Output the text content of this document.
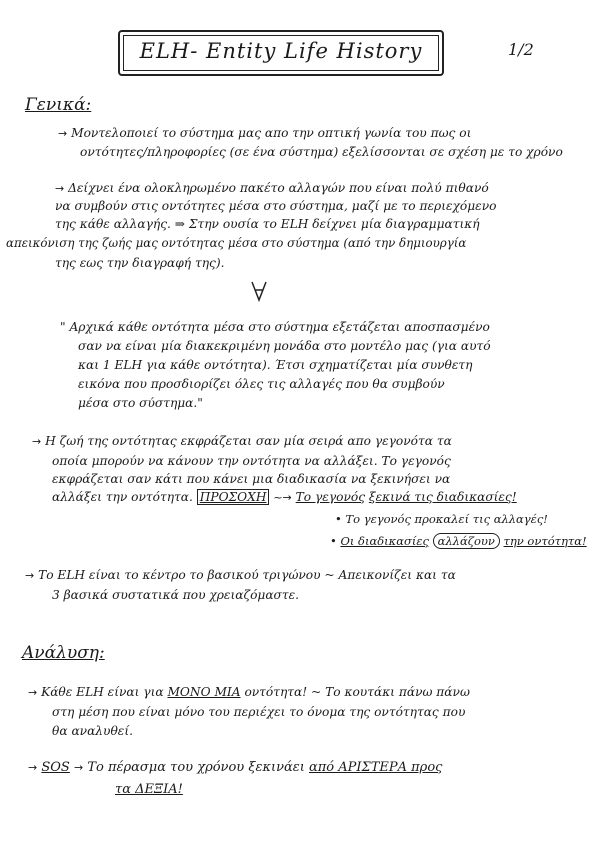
ELH- Entity Life History	1/2
Γενικά:
→ Μοντελοποιεί το σύστημα μας απο την οπτική γωνία του πως οι
οντότητες/πληροφορίες (σε ένα σύστημα) εξελίσσονται σε σχέση με το χρόνο
→ Δείχνει ένα ολοκληρωμένο πακέτο αλλαγών που είναι πολύ πιθανό
να συμβούν στις οντότητες μέσα στο σύστημα, μαζί με το περιεχόμενο
της κάθε αλλαγής. ⇒ Στην ουσία το ELH δείχνει μία διαγραμματική
απεικόνιση της ζωής μας οντότητας μέσα στο σύστημα (από την δημιουργία
της εως την διαγραφή της).
" Αρχικά κάθε οντότητα μέσα στο σύστημα εξετάζεται αποσπασμένο
σαν να είναι μία διακεκριμένη μονάδα στο μοντέλο μας (για αυτό
και 1 ELH για κάθε οντότητα). Έτσι σχηματίζεται μία συνθετη
εικόνα που προσδιορίζει όλες τις αλλαγές που θα συμβούν
μέσα στο σύστημα."
→ Η ζωή της οντότητας εκφράζεται σαν μία σειρά απο γεγονότα τα
οποία μπορούν να κάνουν την οντότητα να αλλάξει. Το γεγονός
εκφράζεται σαν κάτι που κάνει μια διαδικασία να ξεκινήσει να
αλλάξει την οντότητα. ΠΡΟΣΟΧΗ ~→ Το γεγονός ξεκινά τις διαδικασίες!
• Το γεγονός προκαλεί τις αλλαγές!
• Οι διαδικασίες αλλάζουν την οντότητα!
→ Το ELH είναι το κέντρο το βασικού τριγώνου ~ Απεικονίζει και τα
3 βασικά συστατικά που χρειαζόμαστε.
Ανάλυση:
→ Κάθε ELH είναι για ΜΟΝΟ ΜΙΑ οντότητα! ~ Το κουτάκι πάνω πάνω
στη μέση που είναι μόνο του περιέχει το όνομα της οντότητας που
θα αναλυθεί.
→ SOS → Το πέρασμα του χρόνου ξεκινάει από ΑΡΙΣΤΕΡΑ προς
τα ΔΕΞΙΑ!
